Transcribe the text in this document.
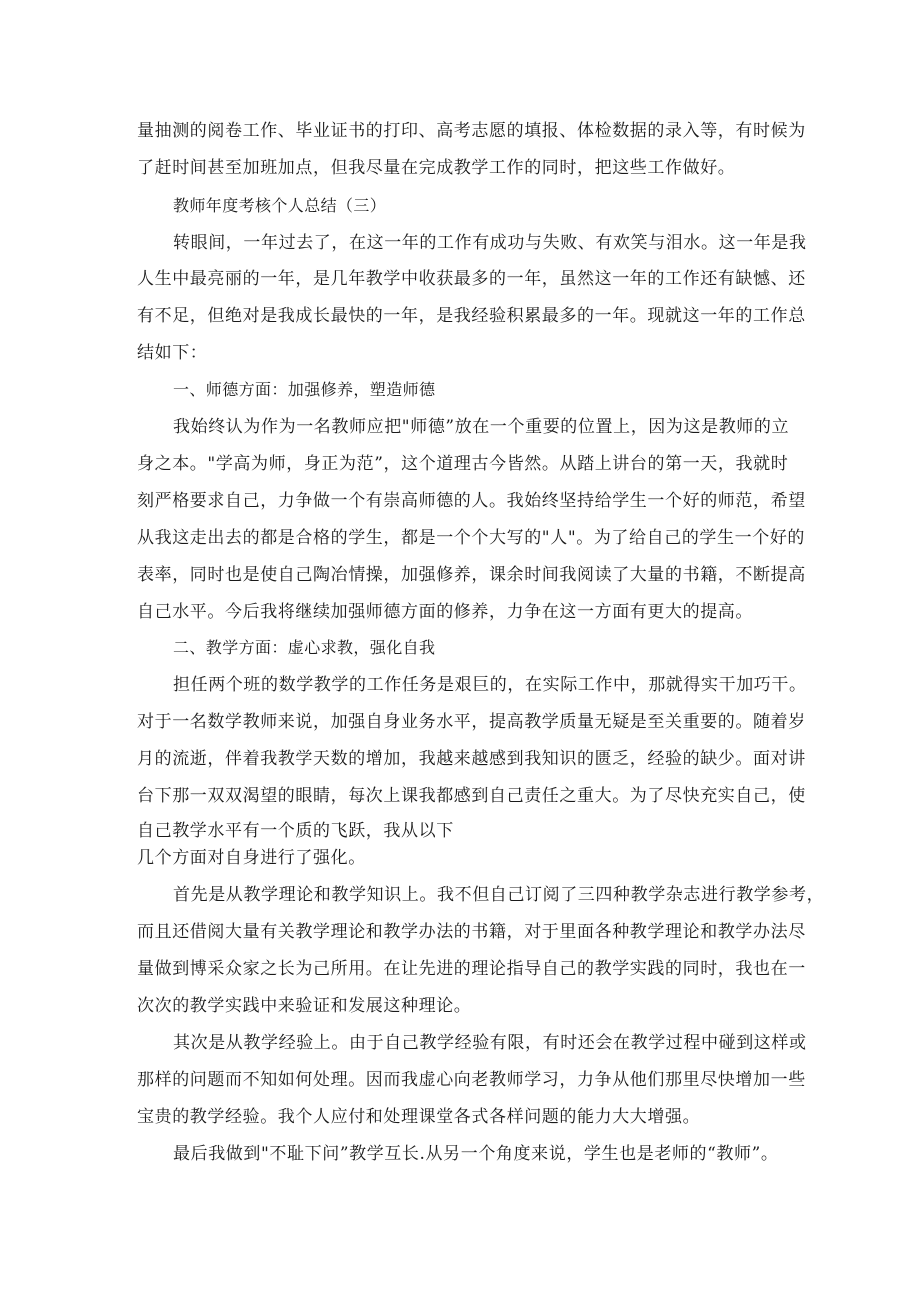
量抽测的阅卷工作、毕业证书的打印、高考志愿的填报、体检数据的录入等，有时候为
了赶时间甚至加班加点，但我尽量在完成教学工作的同时，把这些工作做好。
教师年度考核个人总结（三）
转眼间，一年过去了，在这一年的工作有成功与失败、有欢笑与泪水。这一年是我
人生中最亮丽的一年，是几年教学中收获最多的一年，虽然这一年的工作还有缺憾、还
有不足，但绝对是我成长最快的一年，是我经验积累最多的一年。现就这一年的工作总
结如下：
一、师德方面：加强修养，塑造师德
我始终认为作为一名教师应把"师德”放在一个重要的位置上，因为这是教师的立
身之本。"学高为师，身正为范”，这个道理古今皆然。从踏上讲台的第一天，我就时
刻严格要求自己，力争做一个有崇高师德的人。我始终坚持给学生一个好的师范，希望
从我这走出去的都是合格的学生，都是一个个大写的"人"。为了给自己的学生一个好的
表率，同时也是使自己陶冶情操，加强修养，课余时间我阅读了大量的书籍，不断提高
自己水平。今后我将继续加强师德方面的修养，力争在这一方面有更大的提高。
二、教学方面：虚心求教，强化自我
担任两个班的数学教学的工作任务是艰巨的，在实际工作中，那就得实干加巧干。
对于一名数学教师来说，加强自身业务水平，提高教学质量无疑是至关重要的。随着岁
月的流逝，伴着我教学天数的增加，我越来越感到我知识的匮乏，经验的缺少。面对讲
台下那一双双渴望的眼睛，每次上课我都感到自己责任之重大。为了尽快充实自己，使
自己教学水平有一个质的飞跃，我从以下
几个方面对自身进行了强化。
首先是从教学理论和教学知识上。我不但自己订阅了三四种教学杂志进行教学参考，
而且还借阅大量有关教学理论和教学办法的书籍，对于里面各种教学理论和教学办法尽
量做到博采众家之长为己所用。在让先进的理论指导自己的教学实践的同时，我也在一
次次的教学实践中来验证和发展这种理论。
其次是从教学经验上。由于自己教学经验有限，有时还会在教学过程中碰到这样或
那样的问题而不知如何处理。因而我虚心向老教师学习，力争从他们那里尽快增加一些
宝贵的教学经验。我个人应付和处理课堂各式各样问题的能力大大增强。
最后我做到"不耻下问”教学互长.从另一个角度来说，学生也是老师的“教师”。
